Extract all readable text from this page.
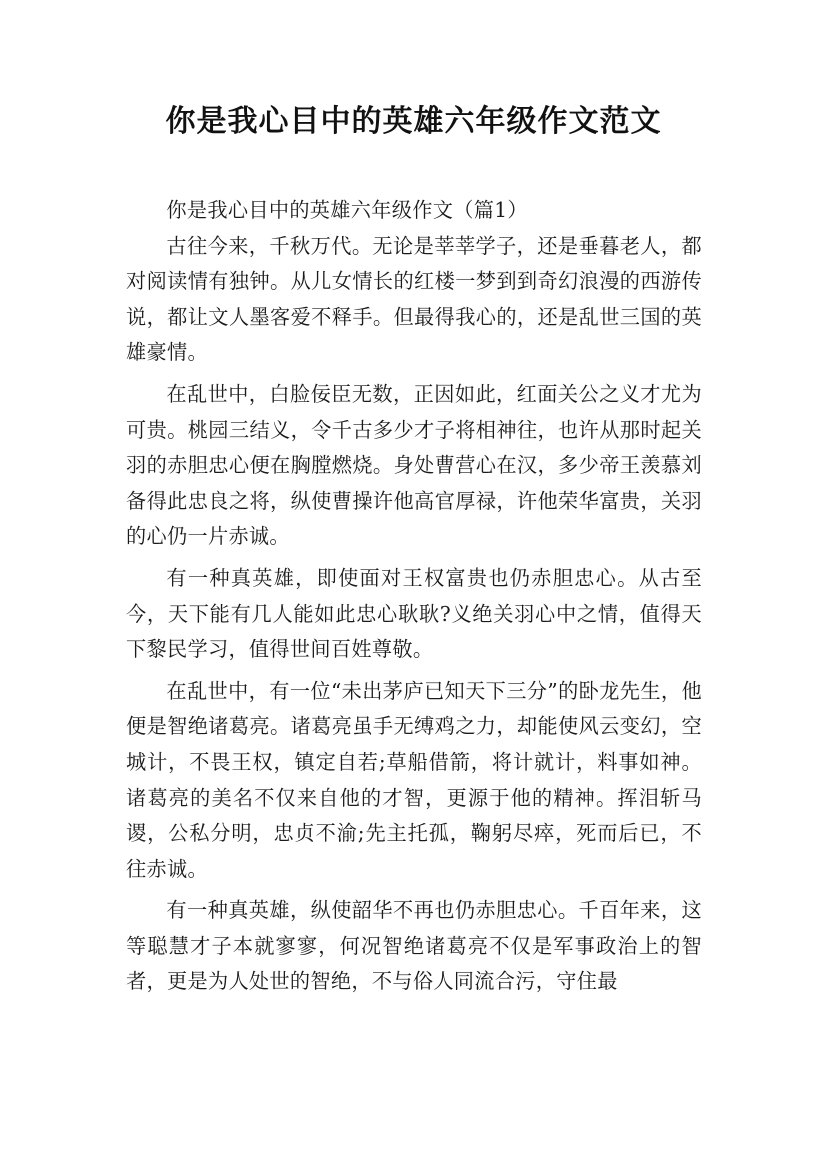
你是我心目中的英雄六年级作文范文

你是我心目中的英雄六年级作文（篇1）

古往今来，千秋万代。无论是莘莘学子，还是垂暮老人，都对阅读情有独钟。从儿女情长的红楼一梦到到奇幻浪漫的西游传说，都让文人墨客爱不释手。但最得我心的，还是乱世三国的英雄豪情。

在乱世中，白脸佞臣无数，正因如此，红面关公之义才尤为可贵。桃园三结义，令千古多少才子将相神往，也许从那时起关羽的赤胆忠心便在胸膛燃烧。身处曹营心在汉，多少帝王羡慕刘备得此忠良之将，纵使曹操许他高官厚禄，许他荣华富贵，关羽的心仍一片赤诚。

有一种真英雄，即使面对王权富贵也仍赤胆忠心。从古至今，天下能有几人能如此忠心耿耿?义绝关羽心中之情，值得天下黎民学习，值得世间百姓尊敬。

在乱世中，有一位“未出茅庐已知天下三分”的卧龙先生，他便是智绝诸葛亮。诸葛亮虽手无缚鸡之力，却能使风云变幻，空城计，不畏王权，镇定自若;草船借箭，将计就计，料事如神。诸葛亮的美名不仅来自他的才智，更源于他的精神。挥泪斩马谡，公私分明，忠贞不渝;先主托孤，鞠躬尽瘁，死而后已，不往赤诚。

有一种真英雄，纵使韶华不再也仍赤胆忠心。千百年来，这等聪慧才子本就寥寥，何况智绝诸葛亮不仅是军事政治上的智者，更是为人处世的智绝，不与俗人同流合污，守住最
